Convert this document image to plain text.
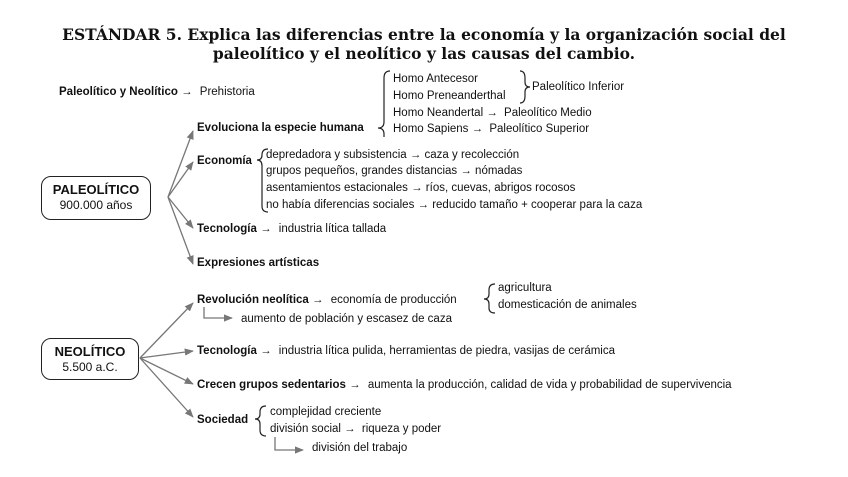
ESTÁNDAR 5. Explica las diferencias entre la economía y la organización social del
paleolítico y el neolítico y las causas del cambio.
PALEOLÍTICO
900.000 años
Paleolítico y Neolítico → Prehistoria
Evoluciona la especie humana
Homo Antecesor
Homo Preneanderthal
Paleolítico Inferior
Homo Neandertal → Paleolítico Medio
Homo Sapiens → Paleolítico Superior
Economía depredadora y subsistencia → caza y recolección
grupos pequeños, grandes distancias → nómadas
asentamientos estacionales → ríos, cuevas, abrigos rocosos
no había diferencias sociales → reducido tamaño + cooperar para la caza
Tecnología → industria lítica tallada
Expresiones artísticas
NEOLÍTICO
5.500 a.C.
Revolución neolítica → economía de producción
agricultura
domesticación de animales
aumento de población y escasez de caza
Tecnología → industria lítica pulida, herramientas de piedra, vasijas de cerámica
Crecen grupos sedentarios → aumenta la producción, calidad de vida y probabilidad de supervivencia
Sociedad
complejidad creciente
división social → riqueza y poder
división del trabajo
